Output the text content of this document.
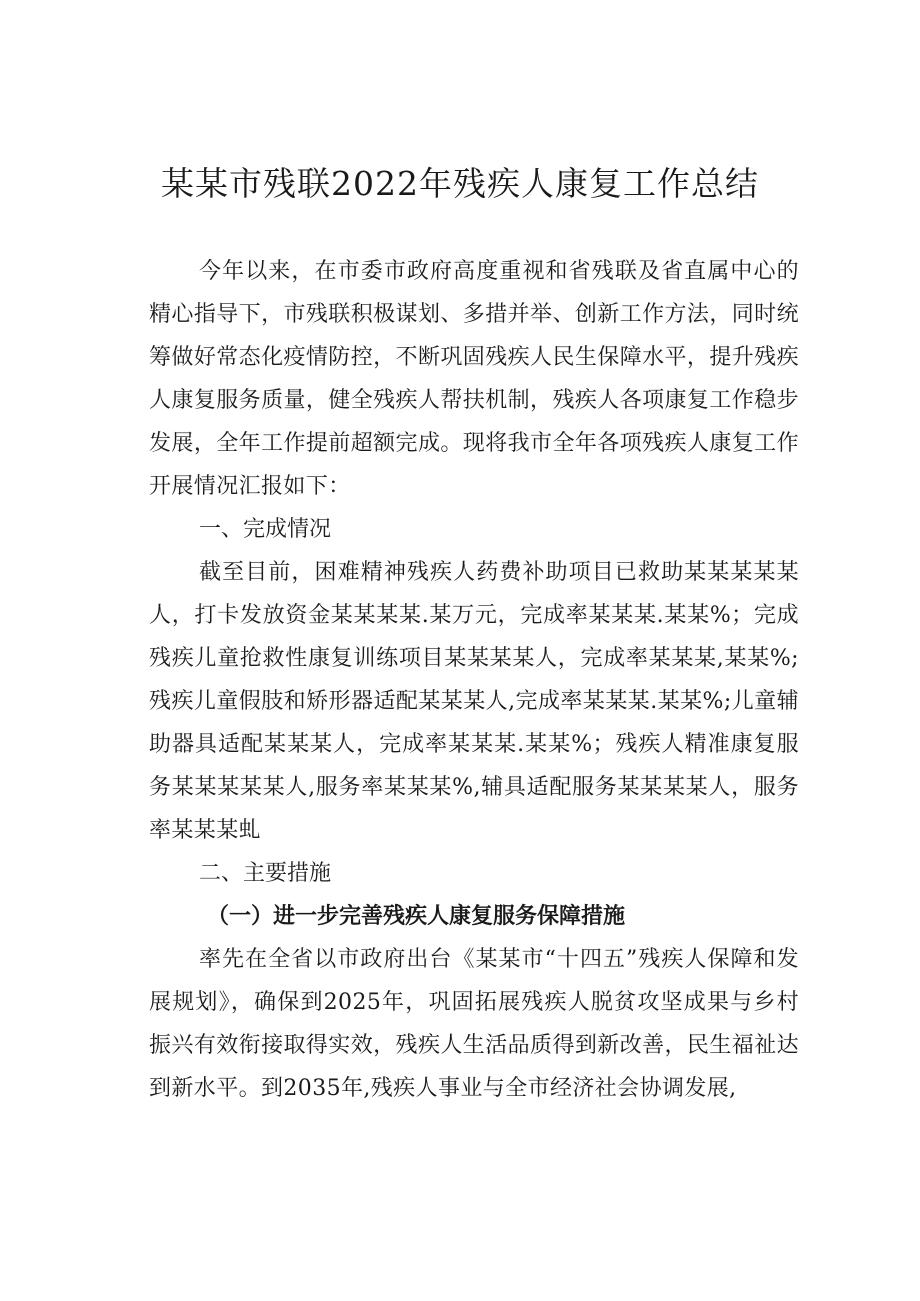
某某市残联2022年残疾人康复工作总结

今年以来，在市委市政府高度重视和省残联及省直属中心的精心指导下，市残联积极谋划、多措并举、创新工作方法，同时统筹做好常态化疫情防控，不断巩固残疾人民生保障水平，提升残疾人康复服务质量，健全残疾人帮扶机制，残疾人各项康复工作稳步发展，全年工作提前超额完成。现将我市全年各项残疾人康复工作开展情况汇报如下：

一、完成情况

截至目前，困难精神残疾人药费补助项目已救助某某某某某人，打卡发放资金某某某某.某万元，完成率某某某.某某%；完成残疾儿童抢救性康复训练项目某某某某人，完成率某某某,某某%;残疾儿童假肢和矫形器适配某某某人,完成率某某某.某某%;儿童辅助器具适配某某某人，完成率某某某.某某%；残疾人精准康复服务某某某某某人,服务率某某某%,辅具适配服务某某某某人，服务率某某某虬

二、主要措施
（一）进一步完善残疾人康复服务保障措施

率先在全省以市政府出台《某某市“十四五”残疾人保障和发展规划》，确保到2025年，巩固拓展残疾人脱贫攻坚成果与乡村振兴有效衔接取得实效，残疾人生活品质得到新改善，民生福祉达到新水平。到2035年,残疾人事业与全市经济社会协调发展,
